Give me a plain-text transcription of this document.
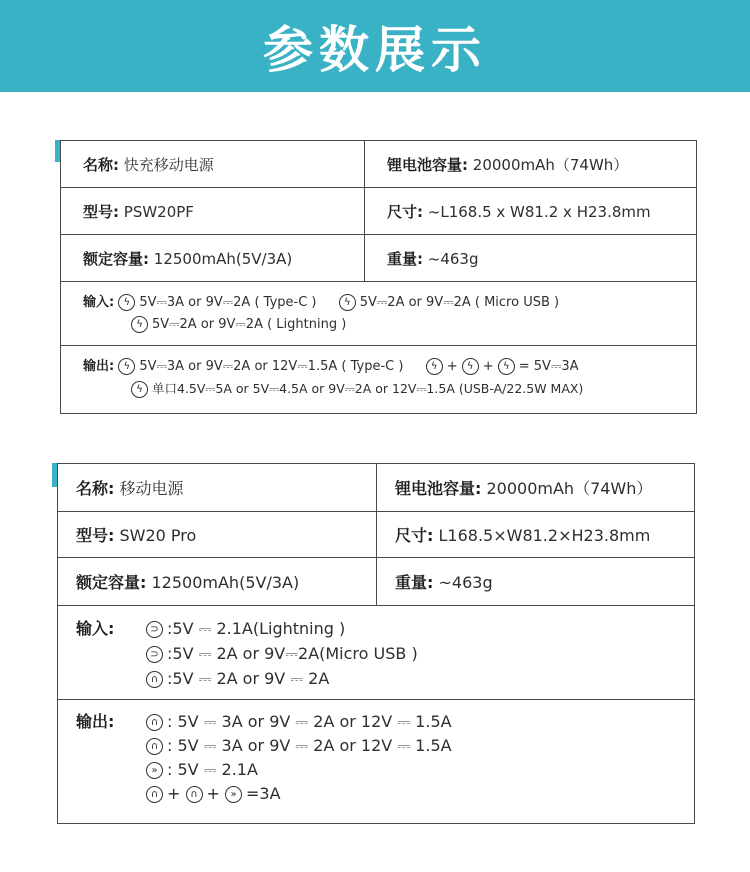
参数展示
名称: 快充移动电源	锂电池容量: 20000mAh（74Wh）
型号: PSW20PF	尺寸: ~L168.5 x W81.2 x H23.8mm
额定容量: 12500mAh(5V/3A)	重量: ~463g

输入: ϟ 5V⎓3A or 9V⎓2A ( Type-C ) ϟ 5V⎓2A or 9V⎓2A ( Micro USB )
ϟ 5V⎓2A or 9V⎓2A ( Lightning )	

输出: ϟ 5V⎓3A or 9V⎓2A or 12V⎓1.5A ( Type-C ) ϟ + ϟ + ϟ = 5V⎓3A
ϟ 单口4.5V⎓5A or 5V⎓4.5A or 9V⎓2A or 12V⎓1.5A (USB-A/22.5W MAX)	
名称: 移动电源	锂电池容量: 20000mAh（74Wh）
型号: SW20 Pro	尺寸: L168.5×W81.2×H23.8mm
额定容量: 12500mAh(5V/3A)	重量: ~463g

输入: ⊃ :5V ⎓ 2.1A(Lightning )
⊃ :5V ⎓ 2A or 9V⎓2A(Micro USB )
∩ :5V ⎓ 2A or 9V ⎓ 2A	

输出: ∩ : 5V ⎓ 3A or 9V ⎓ 2A or 12V ⎓ 1.5A
∩ : 5V ⎓ 3A or 9V ⎓ 2A or 12V ⎓ 1.5A
» : 5V ⎓ 2.1A
∩ + ∩ + » =3A	
